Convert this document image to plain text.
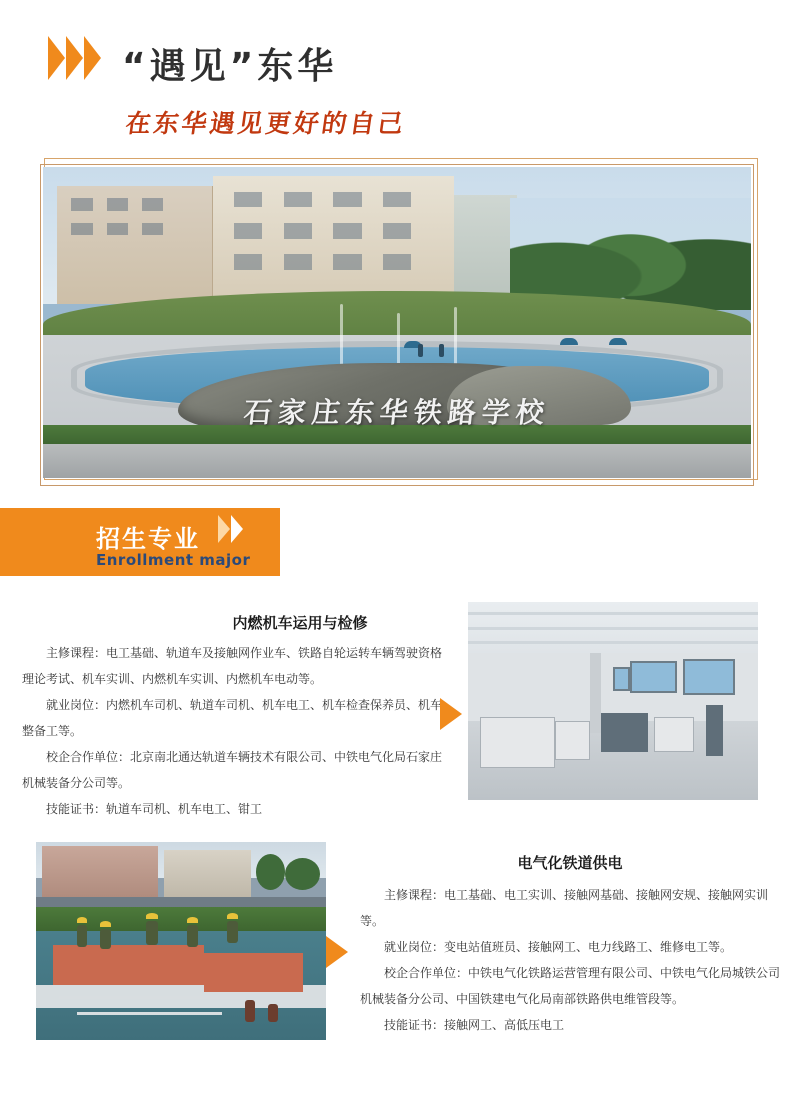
“遇见”东华
在东华遇见更好的自己
石家庄东华铁路学校
招生专业
Enrollment major
内燃机车运用与检修

主修课程：电工基础、轨道车及接触网作业车、铁路自轮运转车辆驾驶资格理论考试、机车实训、内燃机车实训、内燃机车电动等。

就业岗位：内燃机车司机、轨道车司机、机车电工、机车检查保养员、机车整备工等。

校企合作单位：北京南北通达轨道车辆技术有限公司、中铁电气化局石家庄机械装备分公司等。

技能证书：轨道车司机、机车电工、钳工

电气化铁道供电

主修课程：电工基础、电工实训、接触网基础、接触网安规、接触网实训等。

就业岗位：变电站值班员、接触网工、电力线路工、维修电工等。

校企合作单位：中铁电气化铁路运营管理有限公司、中铁电气化局城铁公司机械装备分公司、中国铁建电气化局南部铁路供电维管段等。

技能证书：接触网工、高低压电工
